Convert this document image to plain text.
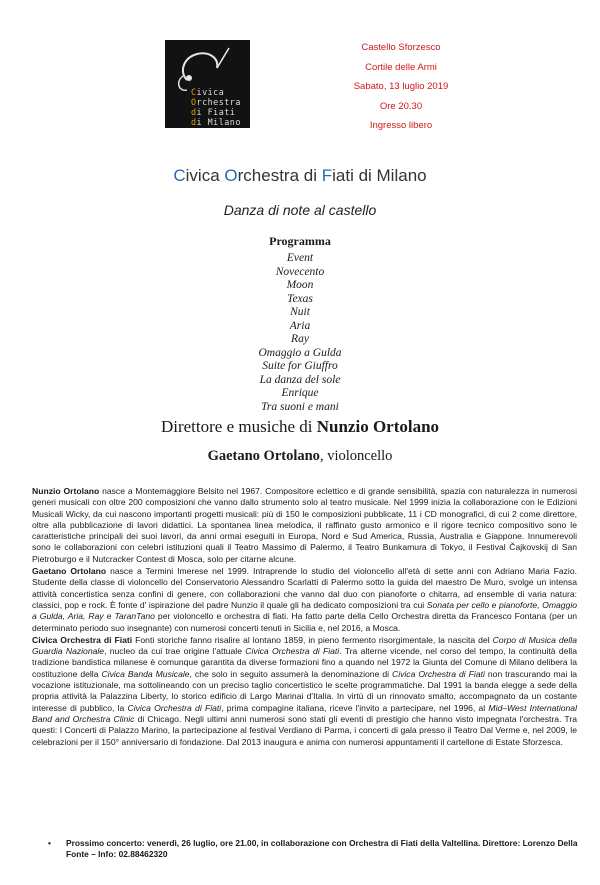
Civica
Orchestra
di Fiati
di Milano
Castello Sforzesco
Cortile delle Armi
Sabato, 13 luglio 2019
Ore 20.30
Ingresso libero
Civica Orchestra di Fiati di Milano
Danza di note al castello
Programma
Event
Novecento
Moon
Texas
Nuit
Aria
Ray
Omaggio a Gulda
Suite for Giuffro
La danza del sole
Enrique
Tra suoni e mani
Direttore e musiche di Nunzio Ortolano
Gaetano Ortolano, violoncello

Nunzio Ortolano nasce a Montemaggiore Belsito nel 1967. Compositore eclettico e di grande sensibilità, spazia con naturalezza in numerosi generi musicali con oltre 200 composizioni che vanno dallo strumento solo al teatro musicale. Nel 1999 inizia la collaborazione con le Edizioni Musicali Wicky, da cui nascono importanti progetti musicali: più di 150 le composizioni pubblicate, 11 i CD monografici, di cui 2 come direttore, oltre alla pubblicazione di lavori didattici. La spontanea linea melodica, il raffinato gusto armonico e il rigore tecnico compositivo sono le caratteristiche principali dei suoi lavori, da anni ormai eseguiti in Europa, Nord e Sud America, Russia, Australia e Giappone. Innumerevoli sono le collaborazioni con celebri istituzioni quali il Teatro Massimo di Palermo, il Teatro Bunkamura di Tokyo, il Festival Čajkovskij di San Pietroburgo e il Nutcracker Contest di Mosca, solo per citarne alcune.

Gaetano Ortolano nasce a Termini Imerese nel 1999. Intraprende lo studio del violoncello all'età di sette anni con Adriano Maria Fazio. Studente della classe di violoncello del Conservatorio Alessandro Scarlatti di Palermo sotto la guida del maestro De Muro, svolge un intensa attività concertistica senza confini di genere, con collaborazioni che vanno dal duo con pianoforte o chitarra, ad ensemble di varia natura: classici, pop e rock. È fonte d' ispirazione del padre Nunzio il quale gli ha dedicato composizioni tra cui Sonata per cello e pianoforte, Omaggio a Gulda, Aria, Ray e TaranTano per violoncello e orchestra di fiati. Ha fatto parte della Cello Orchestra diretta da Francesco Fontana (per un determinato periodo suo insegnante) con numerosi concerti tenuti in Sicilia e, nel 2016, a Mosca.

Civica Orchestra di Fiati Fonti storiche fanno risalire al lontano 1859, in pieno fermento risorgimentale, la nascita del Corpo di Musica della Guardia Nazionale, nucleo da cui trae origine l'attuale Civica Orchestra di Fiati. Tra alterne vicende, nel corso del tempo, la continuità della tradizione bandistica milanese è comunque garantita da diverse formazioni fino a quando nel 1972 la Giunta del Comune di Milano delibera la costituzione della Civica Banda Musicale, che solo in seguito assumerà la denominazione di Civica Orchestra di Fiati non trascurando mai la vocazione istituzionale, ma sottolineando con un preciso taglio concertistico le scelte programmatiche. Dal 1991 la banda elegge a sede della propria attività la Palazzina Liberty, lo storico edificio di Largo Marinai d'Italia. In virtù di un rinnovato smalto, accompagnato da un costante interesse di pubblico, la Civica Orchestra di Fiati, prima compagine italiana, riceve l'invito a partecipare, nel 1996, al Mid–West International Band and Orchestra Clinic di Chicago. Negli ultimi anni numerosi sono stati gli eventi di prestigio che hanno visto impegnata l'orchestra. Tra questi: I Concerti di Palazzo Marino, la partecipazione al festival Verdiano di Parma, i concerti di gala presso il Teatro Dal Verme e, nel 2009, le celebrazioni per il 150° anniversario di fondazione. Dal 2013 inaugura e anima con numerosi appuntamenti il cartellone di Estate Sforzesca.

•	Prossimo concerto: venerdì, 26 luglio, ore 21.00, in collaborazione con Orchestra di Fiati della Valtellina. Direttore: Lorenzo Della Fonte – Info: 02.88462320
